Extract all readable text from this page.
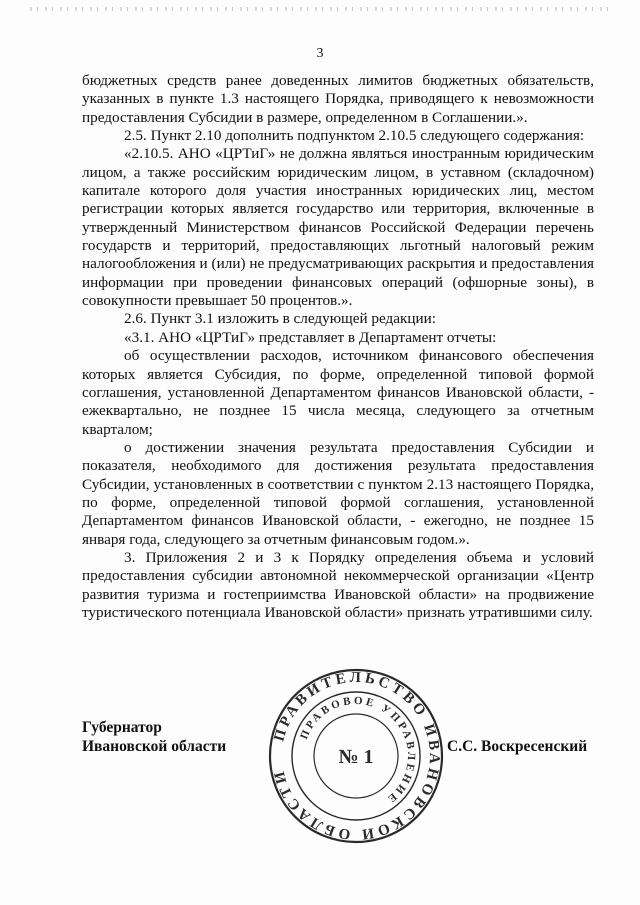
3

бюджетных средств ранее доведенных лимитов бюджетных обязательств, указанных в пункте 1.3 настоящего Порядка, приводящего к невозможности предоставления Субсидии в размере, определенном в Соглашении.».

2.5. Пункт 2.10 дополнить подпунктом 2.10.5 следующего содержания:

«2.10.5. АНО «ЦРТиГ» не должна являться иностранным юридическим лицом, а также российским юридическим лицом, в уставном (складочном) капитале которого доля участия иностранных юридических лиц, местом регистрации которых является государство или территория, включенные в утвержденный Министерством финансов Российской Федерации перечень государств и территорий, предоставляющих льготный налоговый режим налогообложения и (или) не предусматривающих раскрытия и предоставления информации при проведении финансовых операций (офшорные зоны), в совокупности превышает 50 процентов.».

2.6. Пункт 3.1 изложить в следующей редакции:

«3.1. АНО «ЦРТиГ» представляет в Департамент отчеты:

об осуществлении расходов, источником финансового обеспечения которых является Субсидия, по форме, определенной типовой формой соглашения, установленной Департаментом финансов Ивановской области, - ежеквартально, не позднее 15 числа месяца, следующего за отчетным кварталом;

о достижении значения результата предоставления Субсидии и показателя, необходимого для достижения результата предоставления Субсидии, установленных в соответствии с пунктом 2.13 настоящего Порядка, по форме, определенной типовой формой соглашения, установленной Департаментом финансов Ивановской области, - ежегодно, не позднее 15 января года, следующего за отчетным финансовым годом.».

3. Приложения 2 и 3 к Порядку определения объема и условий предоставления субсидии автономной некоммерческой организации «Центр развития туризма и гостеприимства Ивановской области» на продвижение туристического потенциала Ивановской области» признать утратившими силу.

Губернатор
Ивановской области	С.С. Воскресенский
ПРАВИТЕЛЬСТВО ИВАНОВСКОЙ ОБЛАСТИ
ПРАВОВОЕ УПРАВЛЕНИЕ
№ 1
